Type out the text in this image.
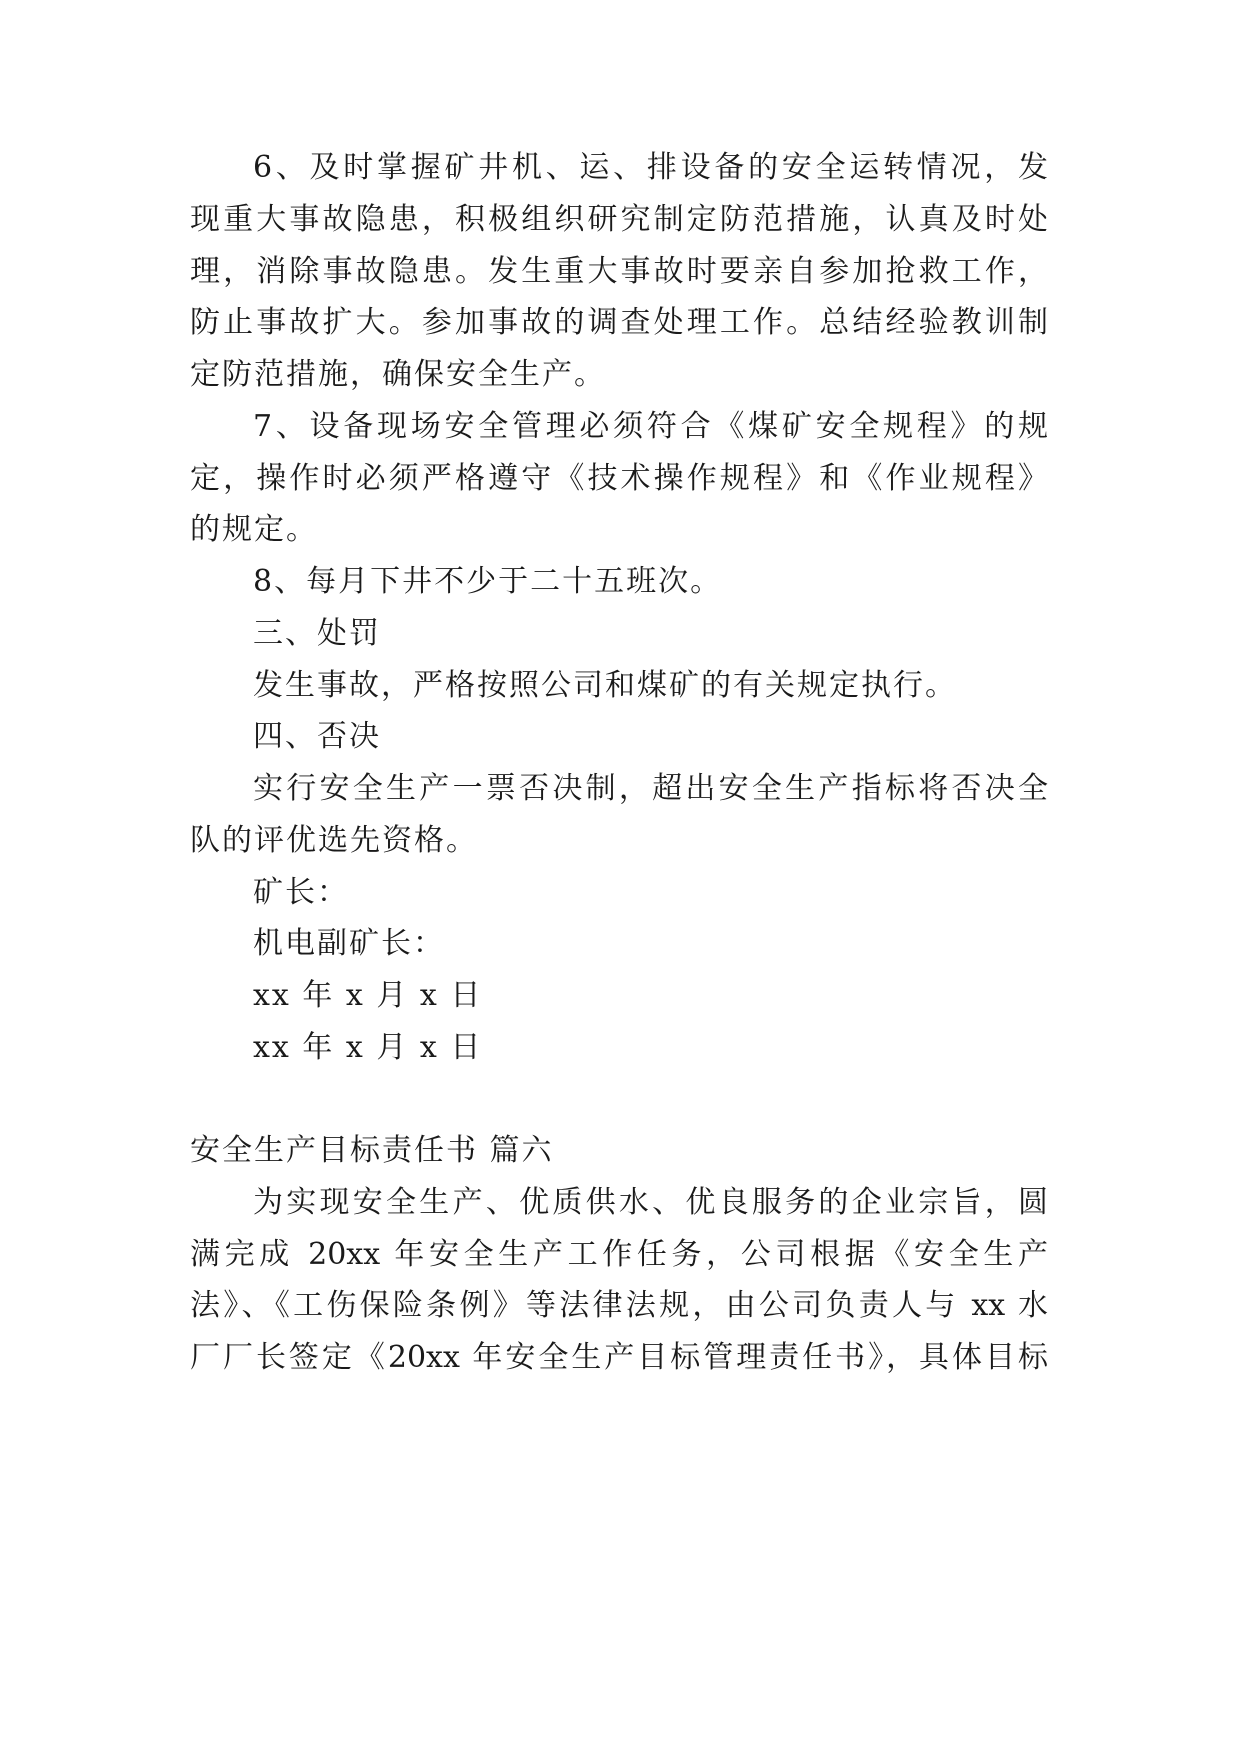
6、及时掌握矿井机、运、排设备的安全运转情况，发
现重大事故隐患，积极组织研究制定防范措施，认真及时处
理，消除事故隐患。发生重大事故时要亲自参加抢救工作，
防止事故扩大。参加事故的调查处理工作。总结经验教训制
定防范措施，确保安全生产。
7、设备现场安全管理必须符合《煤矿安全规程》的规
定，操作时必须严格遵守《技术操作规程》和《作业规程》
的规定。
8、每月下井不少于二十五班次。
三、处罚
发生事故，严格按照公司和煤矿的有关规定执行。
四、否决
实行安全生产一票否决制，超出安全生产指标将否决全
队的评优选先资格。
矿长：
机电副矿长：
xx 年 x 月 x 日
xx 年 x 月 x 日
安全生产目标责任书 篇六
为实现安全生产、优质供水、优良服务的企业宗旨，圆
满完成 20xx 年安全生产工作任务，公司根据《安全生产
法》、《工伤保险条例》等法律法规，由公司负责人与 xx 水
厂厂长签定《20xx 年安全生产目标管理责任书》，具体目标
